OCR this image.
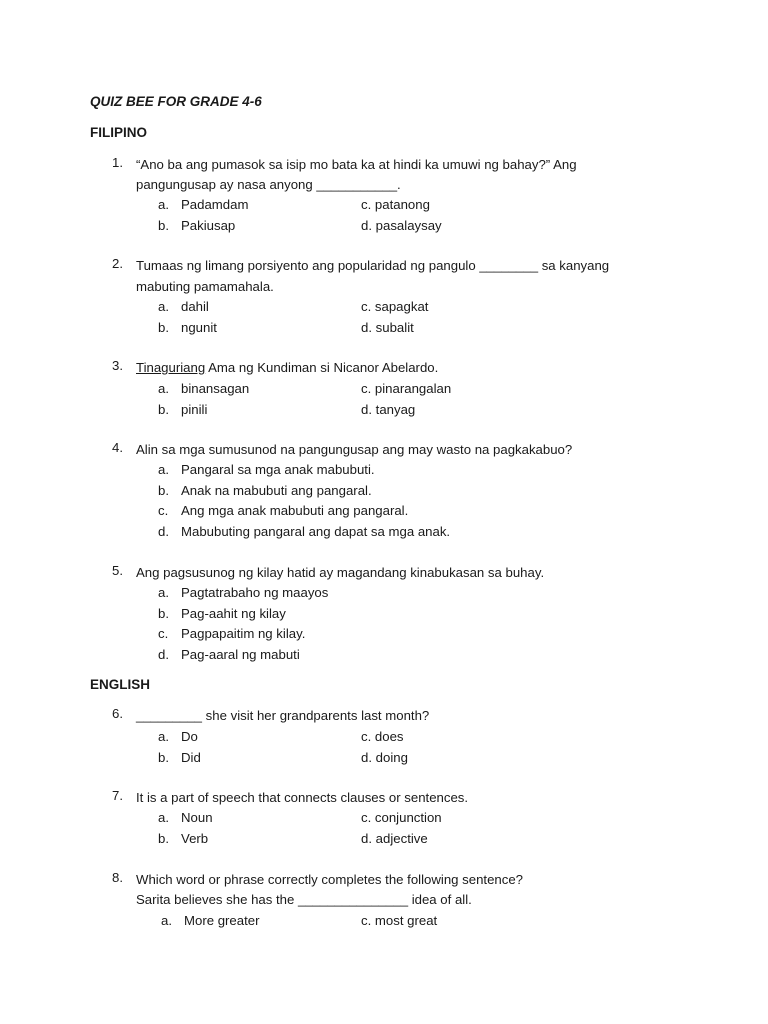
QUIZ BEE FOR GRADE 4-6

FILIPINO

1. “Ano ba ang pumasok sa isip mo bata ka at hindi ka umuwi ng bahay?” Ang
pangungusap ay nasa anyong ___________.
a. Padamdam
b. Pakiusap
c. patanong
d. pasalaysay
2. Tumaas ng limang porsiyento ang popularidad ng pangulo ________ sa kanyang
mabuting pamamahala.
a. dahil
b. ngunit
c. sapagkat
d. subalit
3. Tinaguriang Ama ng Kundiman si Nicanor Abelardo.
a. binansagan
b. pinili
c. pinarangalan
d. tanyag
4. Alin sa mga sumusunod na pangungusap ang may wasto na pagkakabuo?
a. Pangaral sa mga anak mabubuti.
b. Anak na mabubuti ang pangaral.
c. Ang mga anak mabubuti ang pangaral.
d. Mabubuting pangaral ang dapat sa mga anak.
5. Ang pagsusunog ng kilay hatid ay magandang kinabukasan sa buhay.
a. Pagtatrabaho ng maayos
b. Pag-aahit ng kilay
c. Pagpapaitim ng kilay.
d. Pag-aaral ng mabuti

ENGLISH

6. _________ she visit her grandparents last month?
a. Do
b. Did
c. does
d. doing
7. It is a part of speech that connects clauses or sentences.
a. Noun
b. Verb
c. conjunction
d. adjective
8. Which word or phrase correctly completes the following sentence?
Sarita believes she has the _______________ idea of all.
a. More greater	c. most great
